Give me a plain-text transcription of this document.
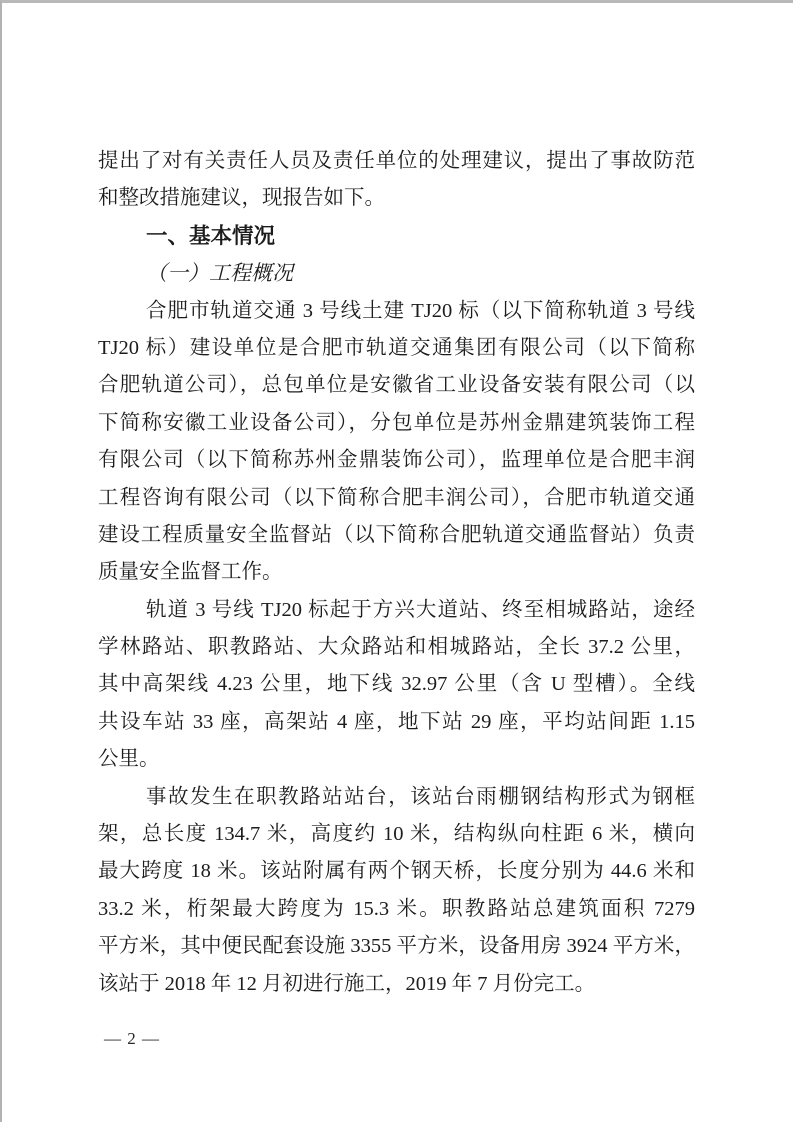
提出了对有关责任人员及责任单位的处理建议，提出了事故防范
和整改措施建议，现报告如下。
一、基本情况
（一）工程概况
合肥市轨道交通 3 号线土建 TJ20 标（以下简称轨道 3 号线
TJ20 标）建设单位是合肥市轨道交通集团有限公司（以下简称
合肥轨道公司），总包单位是安徽省工业设备安装有限公司（以
下简称安徽工业设备公司），分包单位是苏州金鼎建筑装饰工程
有限公司（以下简称苏州金鼎装饰公司），监理单位是合肥丰润
工程咨询有限公司（以下简称合肥丰润公司），合肥市轨道交通
建设工程质量安全监督站（以下简称合肥轨道交通监督站）负责
质量安全监督工作。
轨道 3 号线 TJ20 标起于方兴大道站、终至相城路站，途经
学林路站、职教路站、大众路站和相城路站，全长 37.2 公里，
其中高架线 4.23 公里，地下线 32.97 公里（含 U 型槽）。全线
共设车站 33 座，高架站 4 座，地下站 29 座，平均站间距 1.15
公里。
事故发生在职教路站站台，该站台雨棚钢结构形式为钢框
架，总长度 134.7 米，高度约 10 米，结构纵向柱距 6 米，横向
最大跨度 18 米。该站附属有两个钢天桥，长度分别为 44.6 米和
33.2 米，桁架最大跨度为 15.3 米。职教路站总建筑面积 7279
平方米，其中便民配套设施 3355 平方米，设备用房 3924 平方米，
该站于 2018 年 12 月初进行施工，2019 年 7 月份完工。
— 2 —
